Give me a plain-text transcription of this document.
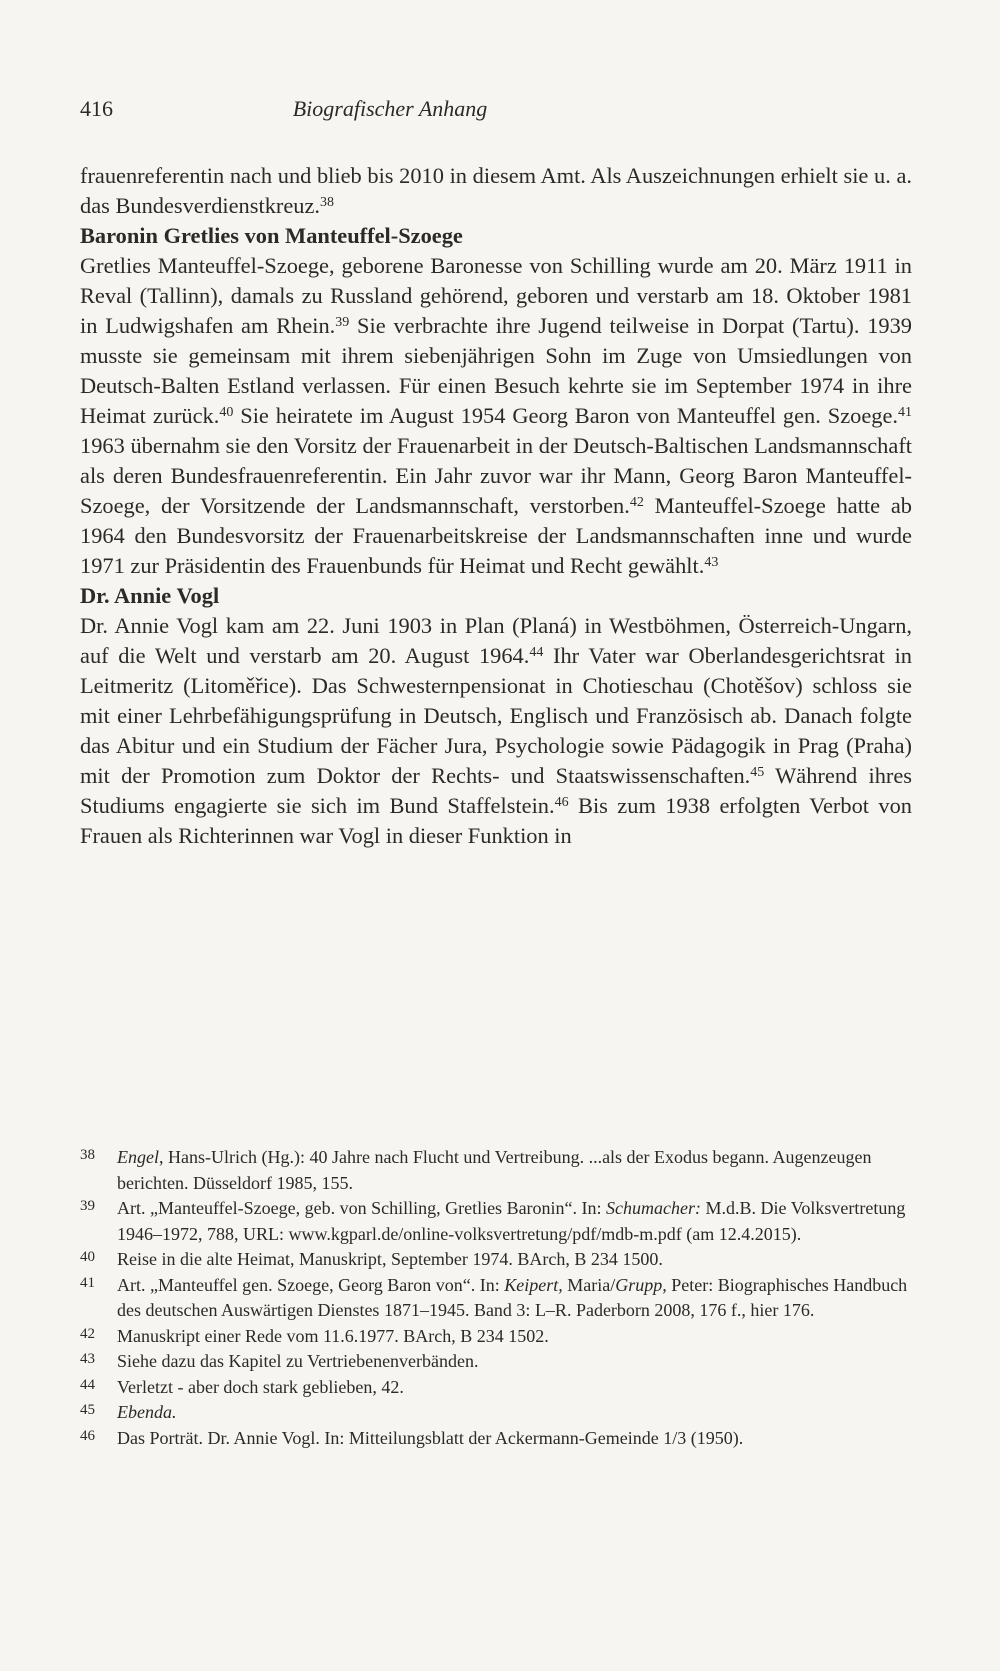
416	Biografischer Anhang

frauenreferentin nach und blieb bis 2010 in diesem Amt. Als Auszeichnungen erhielt sie u. a. das Bundesverdienstkreuz.$^{38}$

Baronin Gretlies von Manteuffel-Szoege

Gretlies Manteuffel-Szoege, geborene Baronesse von Schilling wurde am 20. März 1911 in Reval (Tallinn), damals zu Russland gehörend, geboren und verstarb am 18. Oktober 1981 in Ludwigshafen am Rhein.$^{39}$ Sie verbrachte ihre Jugend teilweise in Dorpat (Tartu). 1939 musste sie gemeinsam mit ihrem siebenjährigen Sohn im Zuge von Umsiedlungen von Deutsch-Balten Estland verlassen. Für einen Besuch kehrte sie im September 1974 in ihre Heimat zurück.$^{40}$ Sie heiratete im August 1954 Georg Baron von Manteuffel gen. Szoege.$^{41}$ 1963 übernahm sie den Vorsitz der Frauenarbeit in der Deutsch-Baltischen Landsmannschaft als deren Bundesfrauenreferentin. Ein Jahr zuvor war ihr Mann, Georg Baron Manteuffel-Szoege, der Vorsitzende der Landsmannschaft, verstorben.$^{42}$ Manteuffel-Szoege hatte ab 1964 den Bundesvorsitz der Frauenarbeitskreise der Landsmannschaften inne und wurde 1971 zur Präsidentin des Frauenbunds für Heimat und Recht gewählt.$^{43}$

Dr. Annie Vogl

Dr. Annie Vogl kam am 22. Juni 1903 in Plan (Planá) in Westböhmen, Österreich-Ungarn, auf die Welt und verstarb am 20. August 1964.44 Ihr Vater war Oberlandesgerichtsrat in Leitmeritz (Litoměřice). Das Schwesternpensionat in Chotieschau (Chotěšov) schloss sie mit einer Lehrbefähigungsprüfung in Deutsch, Englisch und Französisch ab. Danach folgte das Abitur und ein Studium der Fächer Jura, Psychologie sowie Pädagogik in Prag (Praha) mit der Promotion zum Doktor der Rechts- und Staatswissenschaften.$^{45}$ Während ihres Studiums engagierte sie sich im Bund Staffelstein.$^{46}$ Bis zum 1938 erfolgten Verbot von Frauen als Richterinnen war Vogl in dieser Funktion in

38 Engel, Hans-Ulrich (Hg.): 40 Jahre nach Flucht und Vertreibung. ...als der Exodus begann. Augenzeugen berichten. Düsseldorf 1985, 155.
39 Art. „Manteuffel-Szoege, geb. von Schilling, Gretlies Baronin“. In: Schumacher: M.d.B. Die Volksvertretung 1946–1972, 788, URL: www.kgparl.de/online-volksvertretung/pdf/mdb-m.pdf (am 12.4.2015).
40 Reise in die alte Heimat, Manuskript, September 1974. BArch, B 234 1500.
41 Art. „Manteuffel gen. Szoege, Georg Baron von“. In: Keipert, Maria/Grupp, Peter: Biographisches Handbuch des deutschen Auswärtigen Dienstes 1871–1945. Band 3: L–R. Paderborn 2008, 176 f., hier 176.
42 Manuskript einer Rede vom 11.6.1977. BArch, B 234 1502.
43 Siehe dazu das Kapitel zu Vertriebenenverbänden.
44 Verletzt - aber doch stark geblieben, 42.
45 Ebenda.
46 Das Porträt. Dr. Annie Vogl. In: Mitteilungsblatt der Ackermann-Gemeinde 1/3 (1950).
